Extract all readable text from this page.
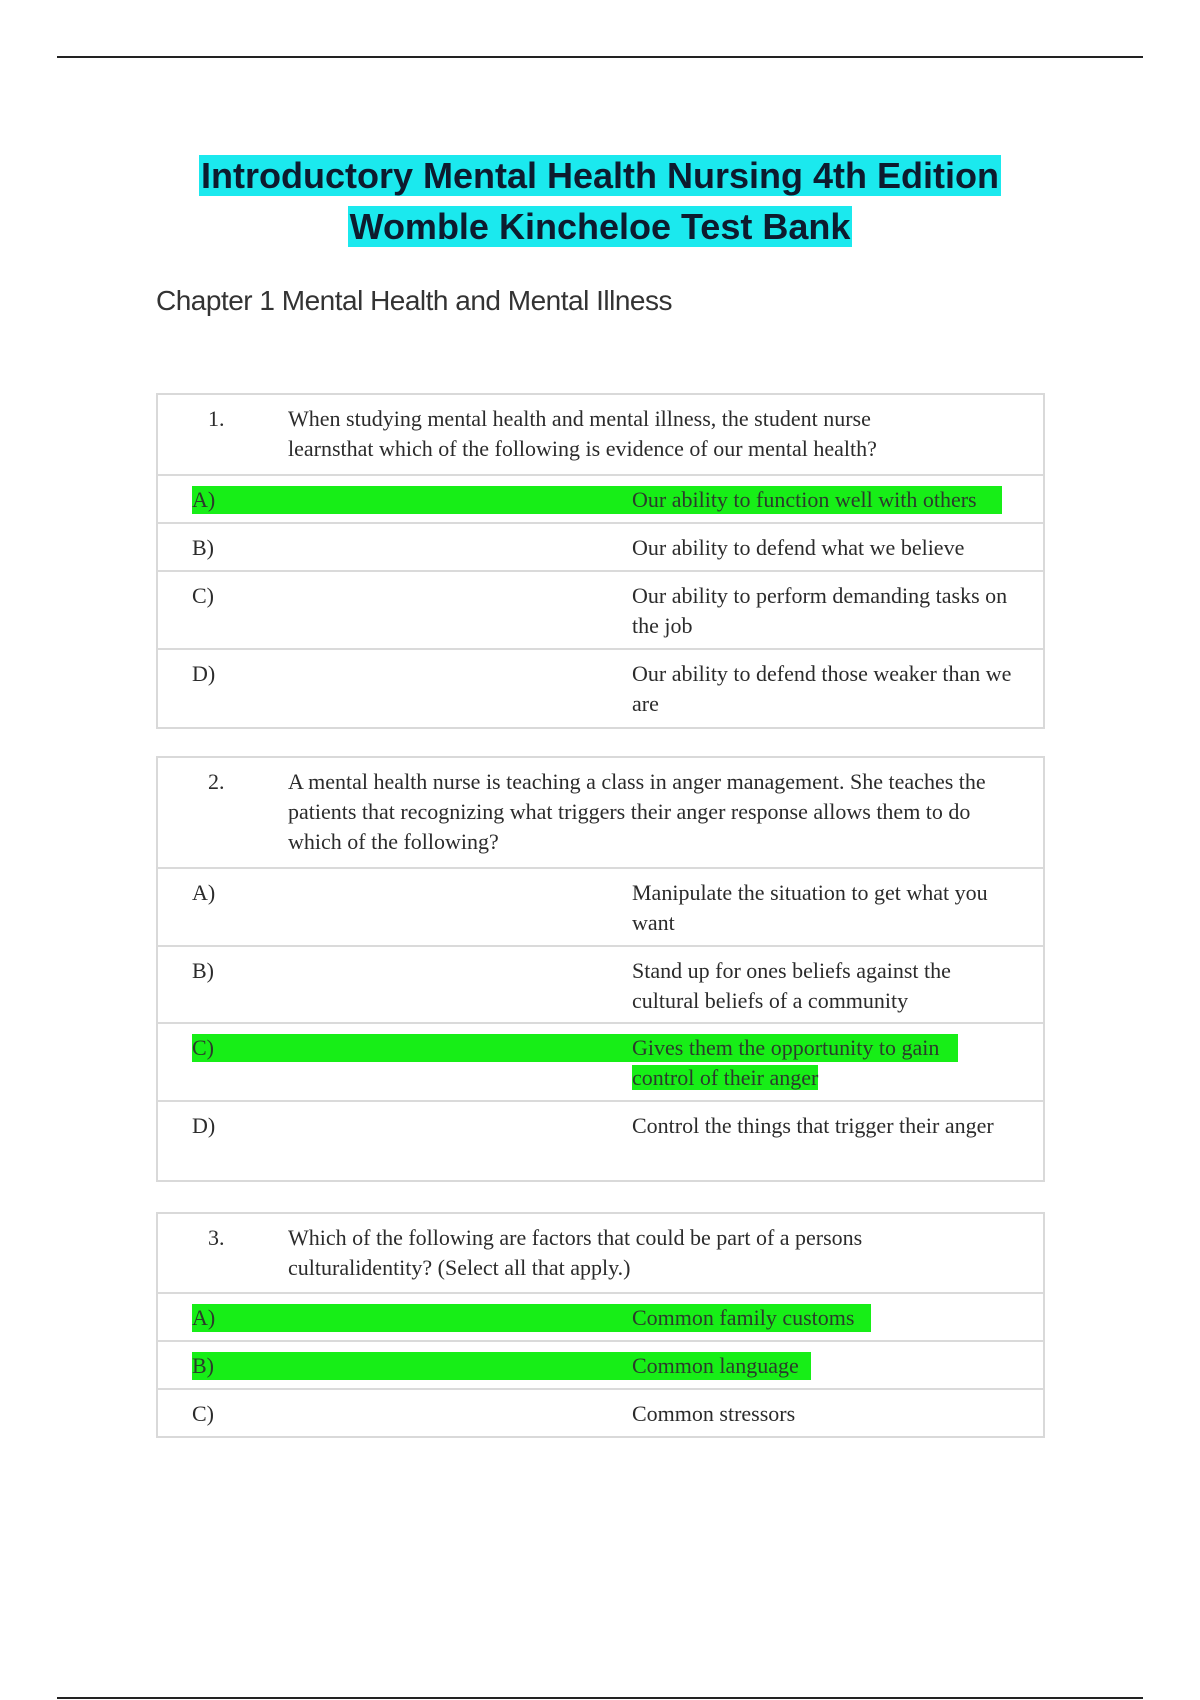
Introductory Mental Health Nursing 4th Edition
Womble Kincheloe Test Bank
Chapter 1 Mental Health and Mental Illness
1.	When studying mental health and mental illness, the student nurse learnsthat which of the following is evidence of our mental health?
A)	Our ability to function well with others
B)	Our ability to defend what we believe
C)	Our ability to perform demanding tasks on the job
D)	Our ability to defend those weaker than we are
2.	A mental health nurse is teaching a class in anger management. She teaches the patients that recognizing what triggers their anger response allows them to do which of the following?
A)	Manipulate the situation to get what you want
B)	Stand up for ones beliefs against the cultural beliefs of a community
C)	Gives them the opportunity to gain control of their anger
D)	Control the things that trigger their anger
3.	Which of the following are factors that could be part of a persons culturalidentity? (Select all that apply.)
A)	Common family customs
B)	Common language
C)	Common stressors
